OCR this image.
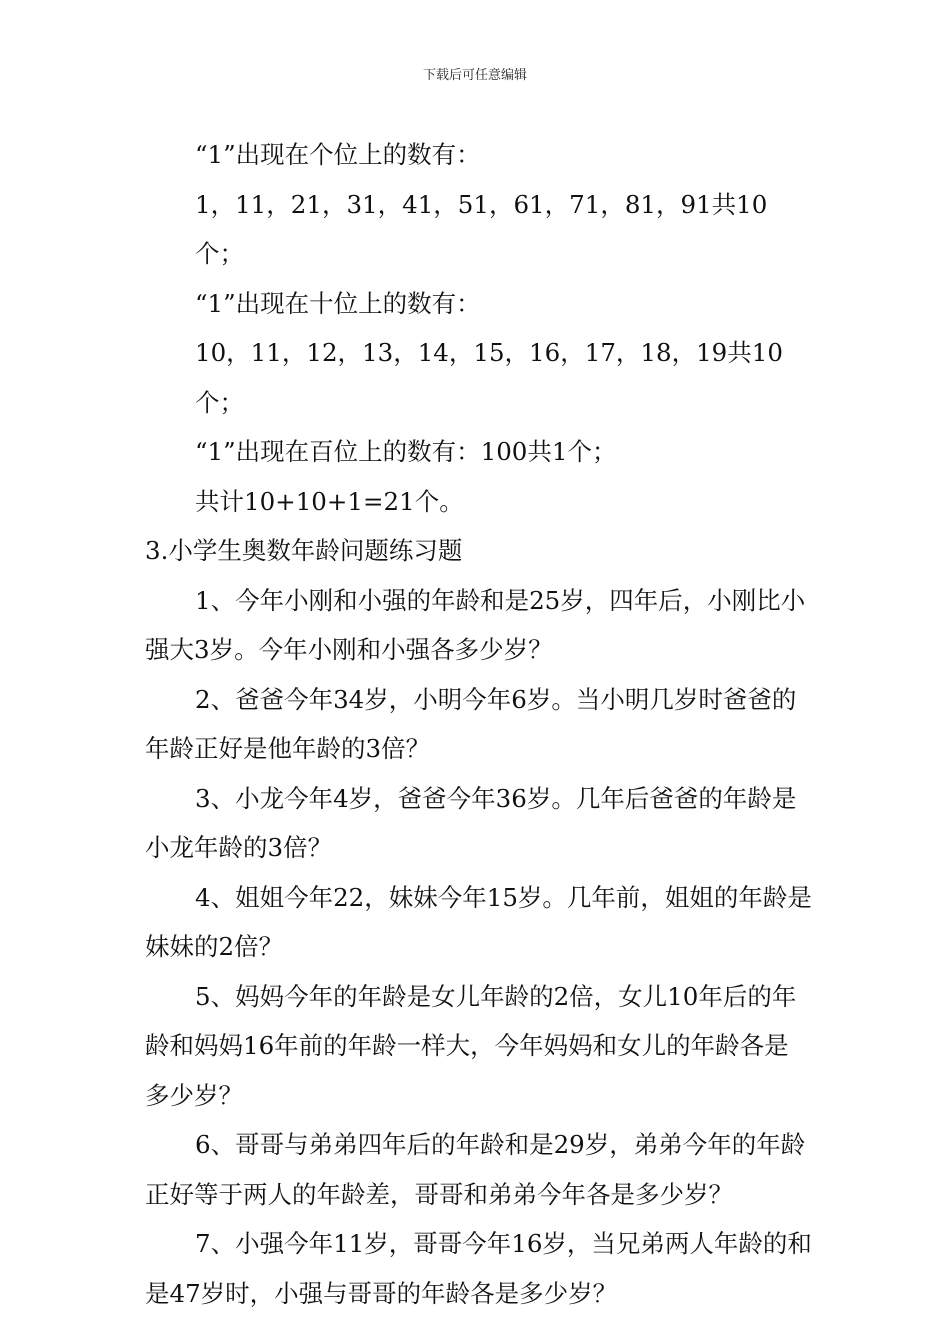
下载后可任意编辑

“1”出现在个位上的数有：

1，11，21，31，41，51，61，71，81，91共10个；

“1”出现在十位上的数有：

10，11，12，13，14，15，16，17，18，19共10个；

“1”出现在百位上的数有：100共1个；

共计10+10+1=21个。

3.小学生奥数年龄问题练习题

1、今年小刚和小强的年龄和是25岁，四年后，小刚比小强大3岁。今年小刚和小强各多少岁？

2、爸爸今年34岁，小明今年6岁。当小明几岁时爸爸的年龄正好是他年龄的3倍？

3、小龙今年4岁，爸爸今年36岁。几年后爸爸的年龄是小龙年龄的3倍？

4、姐姐今年22，妹妹今年15岁。几年前，姐姐的年龄是妹妹的2倍？

5、妈妈今年的年龄是女儿年龄的2倍，女儿10年后的年龄和妈妈16年前的年龄一样大，今年妈妈和女儿的年龄各是多少岁？

6、哥哥与弟弟四年后的年龄和是29岁，弟弟今年的年龄正好等于两人的年龄差，哥哥和弟弟今年各是多少岁？

7、小强今年11岁，哥哥今年16岁，当兄弟两人年龄的和是47岁时，小强与哥哥的年龄各是多少岁？
